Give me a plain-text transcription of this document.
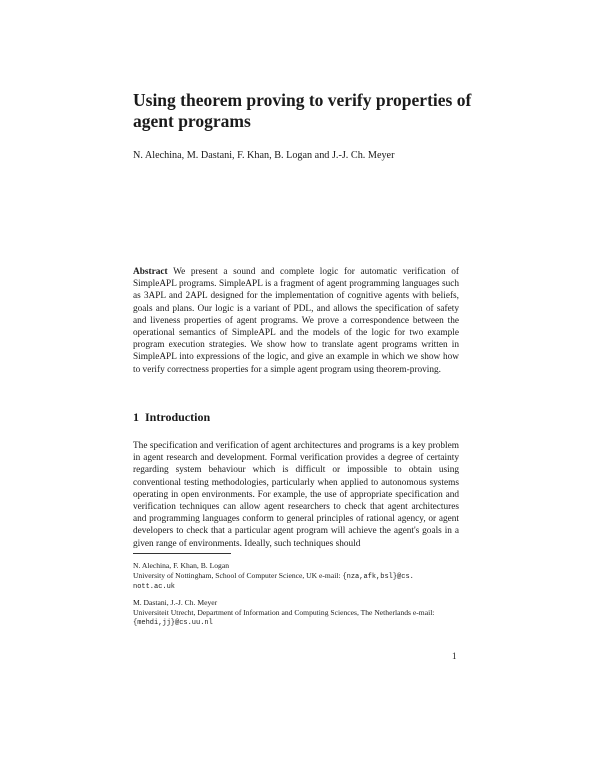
Using theorem proving to verify properties of agent programs
N. Alechina, M. Dastani, F. Khan, B. Logan and J.-J. Ch. Meyer

Abstract We present a sound and complete logic for automatic verification of SimpleAPL programs. SimpleAPL is a fragment of agent programming languages such as 3APL and 2APL designed for the implementation of cognitive agents with beliefs, goals and plans. Our logic is a variant of PDL, and allows the specification of safety and liveness properties of agent programs. We prove a correspondence between the operational semantics of SimpleAPL and the models of the logic for two example program execution strategies. We show how to translate agent programs written in SimpleAPL into expressions of the logic, and give an example in which we show how to verify correctness properties for a simple agent program using theorem-proving.

1 Introduction

The specification and verification of agent architectures and programs is a key problem in agent research and development. Formal verification provides a degree of certainty regarding system behaviour which is difficult or impossible to obtain using conventional testing methodologies, particularly when applied to autonomous systems operating in open environments. For example, the use of appropriate specification and verification techniques can allow agent researchers to check that agent architectures and programming languages conform to general principles of rational agency, or agent developers to check that a particular agent program will achieve the agent's goals in a given range of environments. Ideally, such techniques should

N. Alechina, F. Khan, B. Logan
University of Nottingham, School of Computer Science, UK e-mail: {nza,afk,bsl}@cs.
nott.ac.uk
M. Dastani, J.-J. Ch. Meyer
Universiteit Utrecht, Department of Information and Computing Sciences, The Netherlands e-mail:
{mehdi,jj}@cs.uu.nl
1
